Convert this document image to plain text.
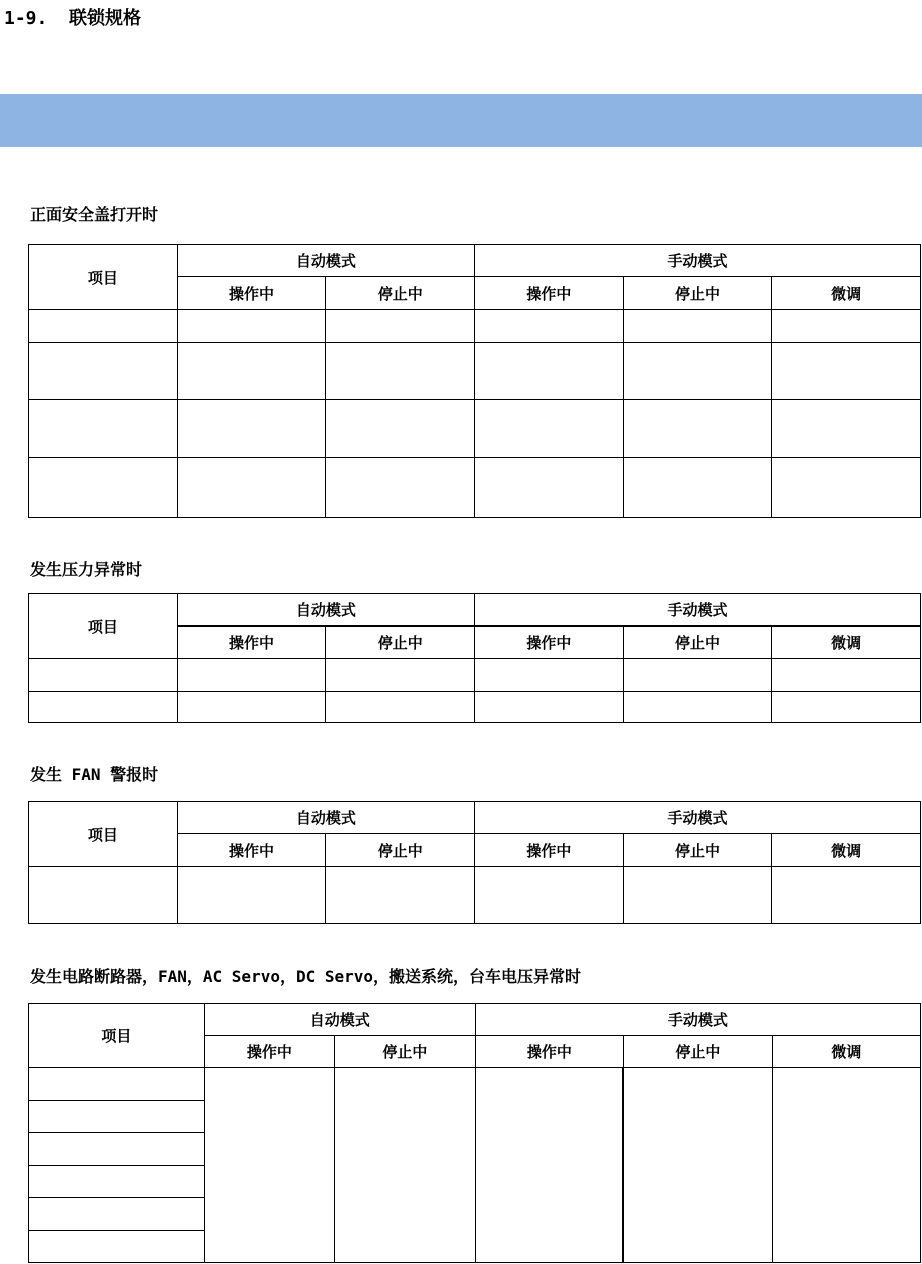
1-9.  联锁规格
正面安全盖打开时
项目	自动模式		手动模式		
	操作中	停止中	操作中	停止中	微调

发生压力异常时
项目	自动模式		手动模式		
	操作中	停止中	操作中	停止中	微调

发生 FAN 警报时
项目	自动模式		手动模式		
	操作中	停止中	操作中	停止中	微调

发生电路断路器，FAN，AC Servo，DC Servo，搬送系统，台车电压异常时
项目	自动模式		手动模式		
	操作中	停止中	操作中	停止中	微调
